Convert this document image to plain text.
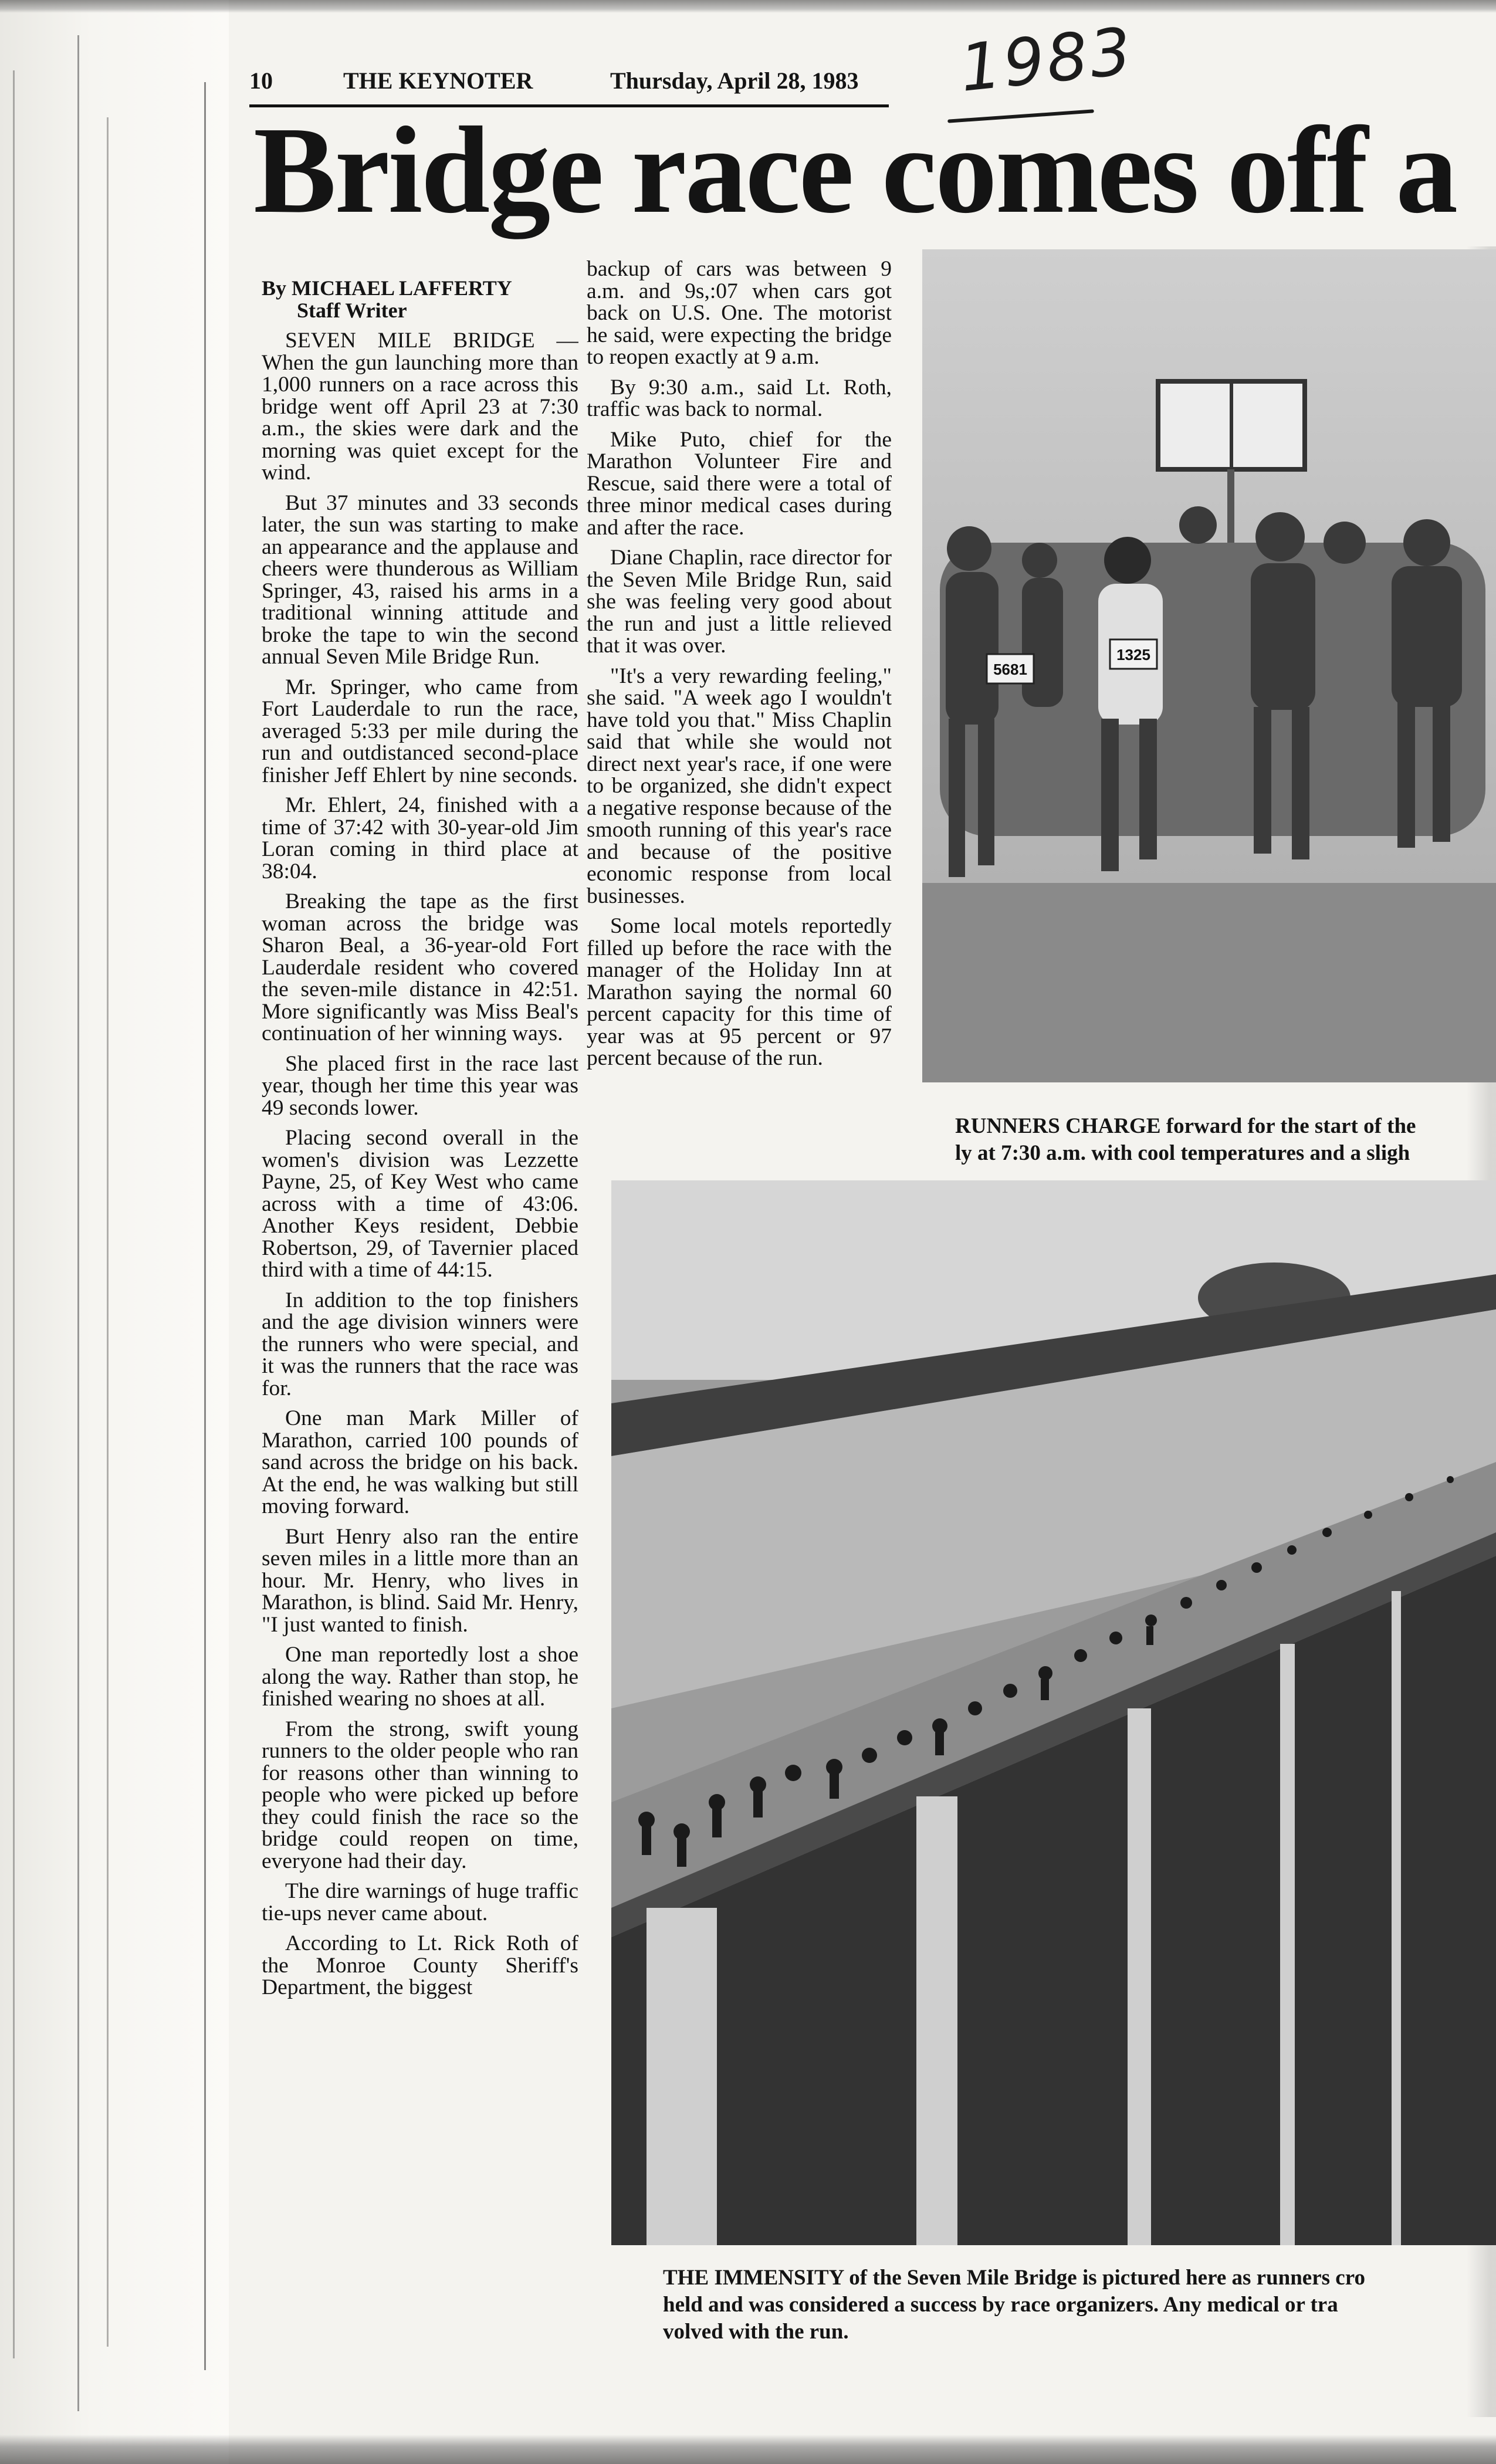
10	THE KEYNOTER	Thursday, April 28, 1983 1983
Bridge race comes off a
By MICHAEL LAFFERTY
Staff Writer

SEVEN MILE BRIDGE — When the gun launching more than 1,000 runners on a race across this bridge went off April 23 at 7:30 a.m., the skies were dark and the morning was quiet except for the wind.

But 37 minutes and 33 seconds later, the sun was starting to make an appearance and the applause and cheers were thunderous as William Springer, 43, raised his arms in a traditional winning attitude and broke the tape to win the second annual Seven Mile Bridge Run.

Mr. Springer, who came from Fort Lauderdale to run the race, averaged 5:33 per mile during the run and outdistanced second-place finisher Jeff Ehlert by nine seconds.

Mr. Ehlert, 24, finished with a time of 37:42 with 30-year-old Jim Loran coming in third place at 38:04.

Breaking the tape as the first woman across the bridge was Sharon Beal, a 36-year-old Fort Lauderdale resident who covered the seven-mile distance in 42:51. More significantly was Miss Beal's continuation of her winning ways.

She placed first in the race last year, though her time this year was 49 seconds lower.

Placing second overall in the women's division was Lezzette Payne, 25, of Key West who came across with a time of 43:06. Another Keys resident, Debbie Robertson, 29, of Tavernier placed third with a time of 44:15.

In addition to the top finishers and the age division winners were the runners who were special, and it was the runners that the race was for.

One man Mark Miller of Marathon, carried 100 pounds of sand across the bridge on his back. At the end, he was walking but still moving forward.

Burt Henry also ran the entire seven miles in a little more than an hour. Mr. Henry, who lives in Marathon, is blind. Said Mr. Henry, "I just wanted to finish.

One man reportedly lost a shoe along the way. Rather than stop, he finished wearing no shoes at all.

From the strong, swift young runners to the older people who ran for reasons other than winning to people who were picked up before they could finish the race so the bridge could reopen on time, everyone had their day.

The dire warnings of huge traffic tie-ups never came about.

According to Lt. Rick Roth of the Monroe County Sheriff's Department, the biggest

backup of cars was between 9 a.m. and 9s,:07 when cars got back on U.S. One. The motorist he said, were expecting the bridge to reopen exactly at 9 a.m.

By 9:30 a.m., said Lt. Roth, traffic was back to normal.

Mike Puto, chief for the Marathon Volunteer Fire and Rescue, said there were a total of three minor medical cases during and after the race.

Diane Chaplin, race director for the Seven Mile Bridge Run, said she was feeling very good about the run and just a little relieved that it was over.

"It's a very rewarding feeling," she said. "A week ago I wouldn't have told you that." Miss Chaplin said that while she would not direct next year's race, if one were to be organized, she didn't expect a negative response because of the smooth running of this year's race and because of the positive economic response from local businesses.

Some local motels reportedly filled up before the race with the manager of the Holiday Inn at Marathon saying the normal 60 percent capacity for this time of year was at 95 percent or 97 percent because of the run.

5681
1325
RUNNERS CHARGE forward for the start of the
ly at 7:30 a.m. with cool temperatures and a sligh
THE IMMENSITY of the Seven Mile Bridge is pictured here as runners cro
held and was considered a success by race organizers. Any medical or tra
volved with the run.
